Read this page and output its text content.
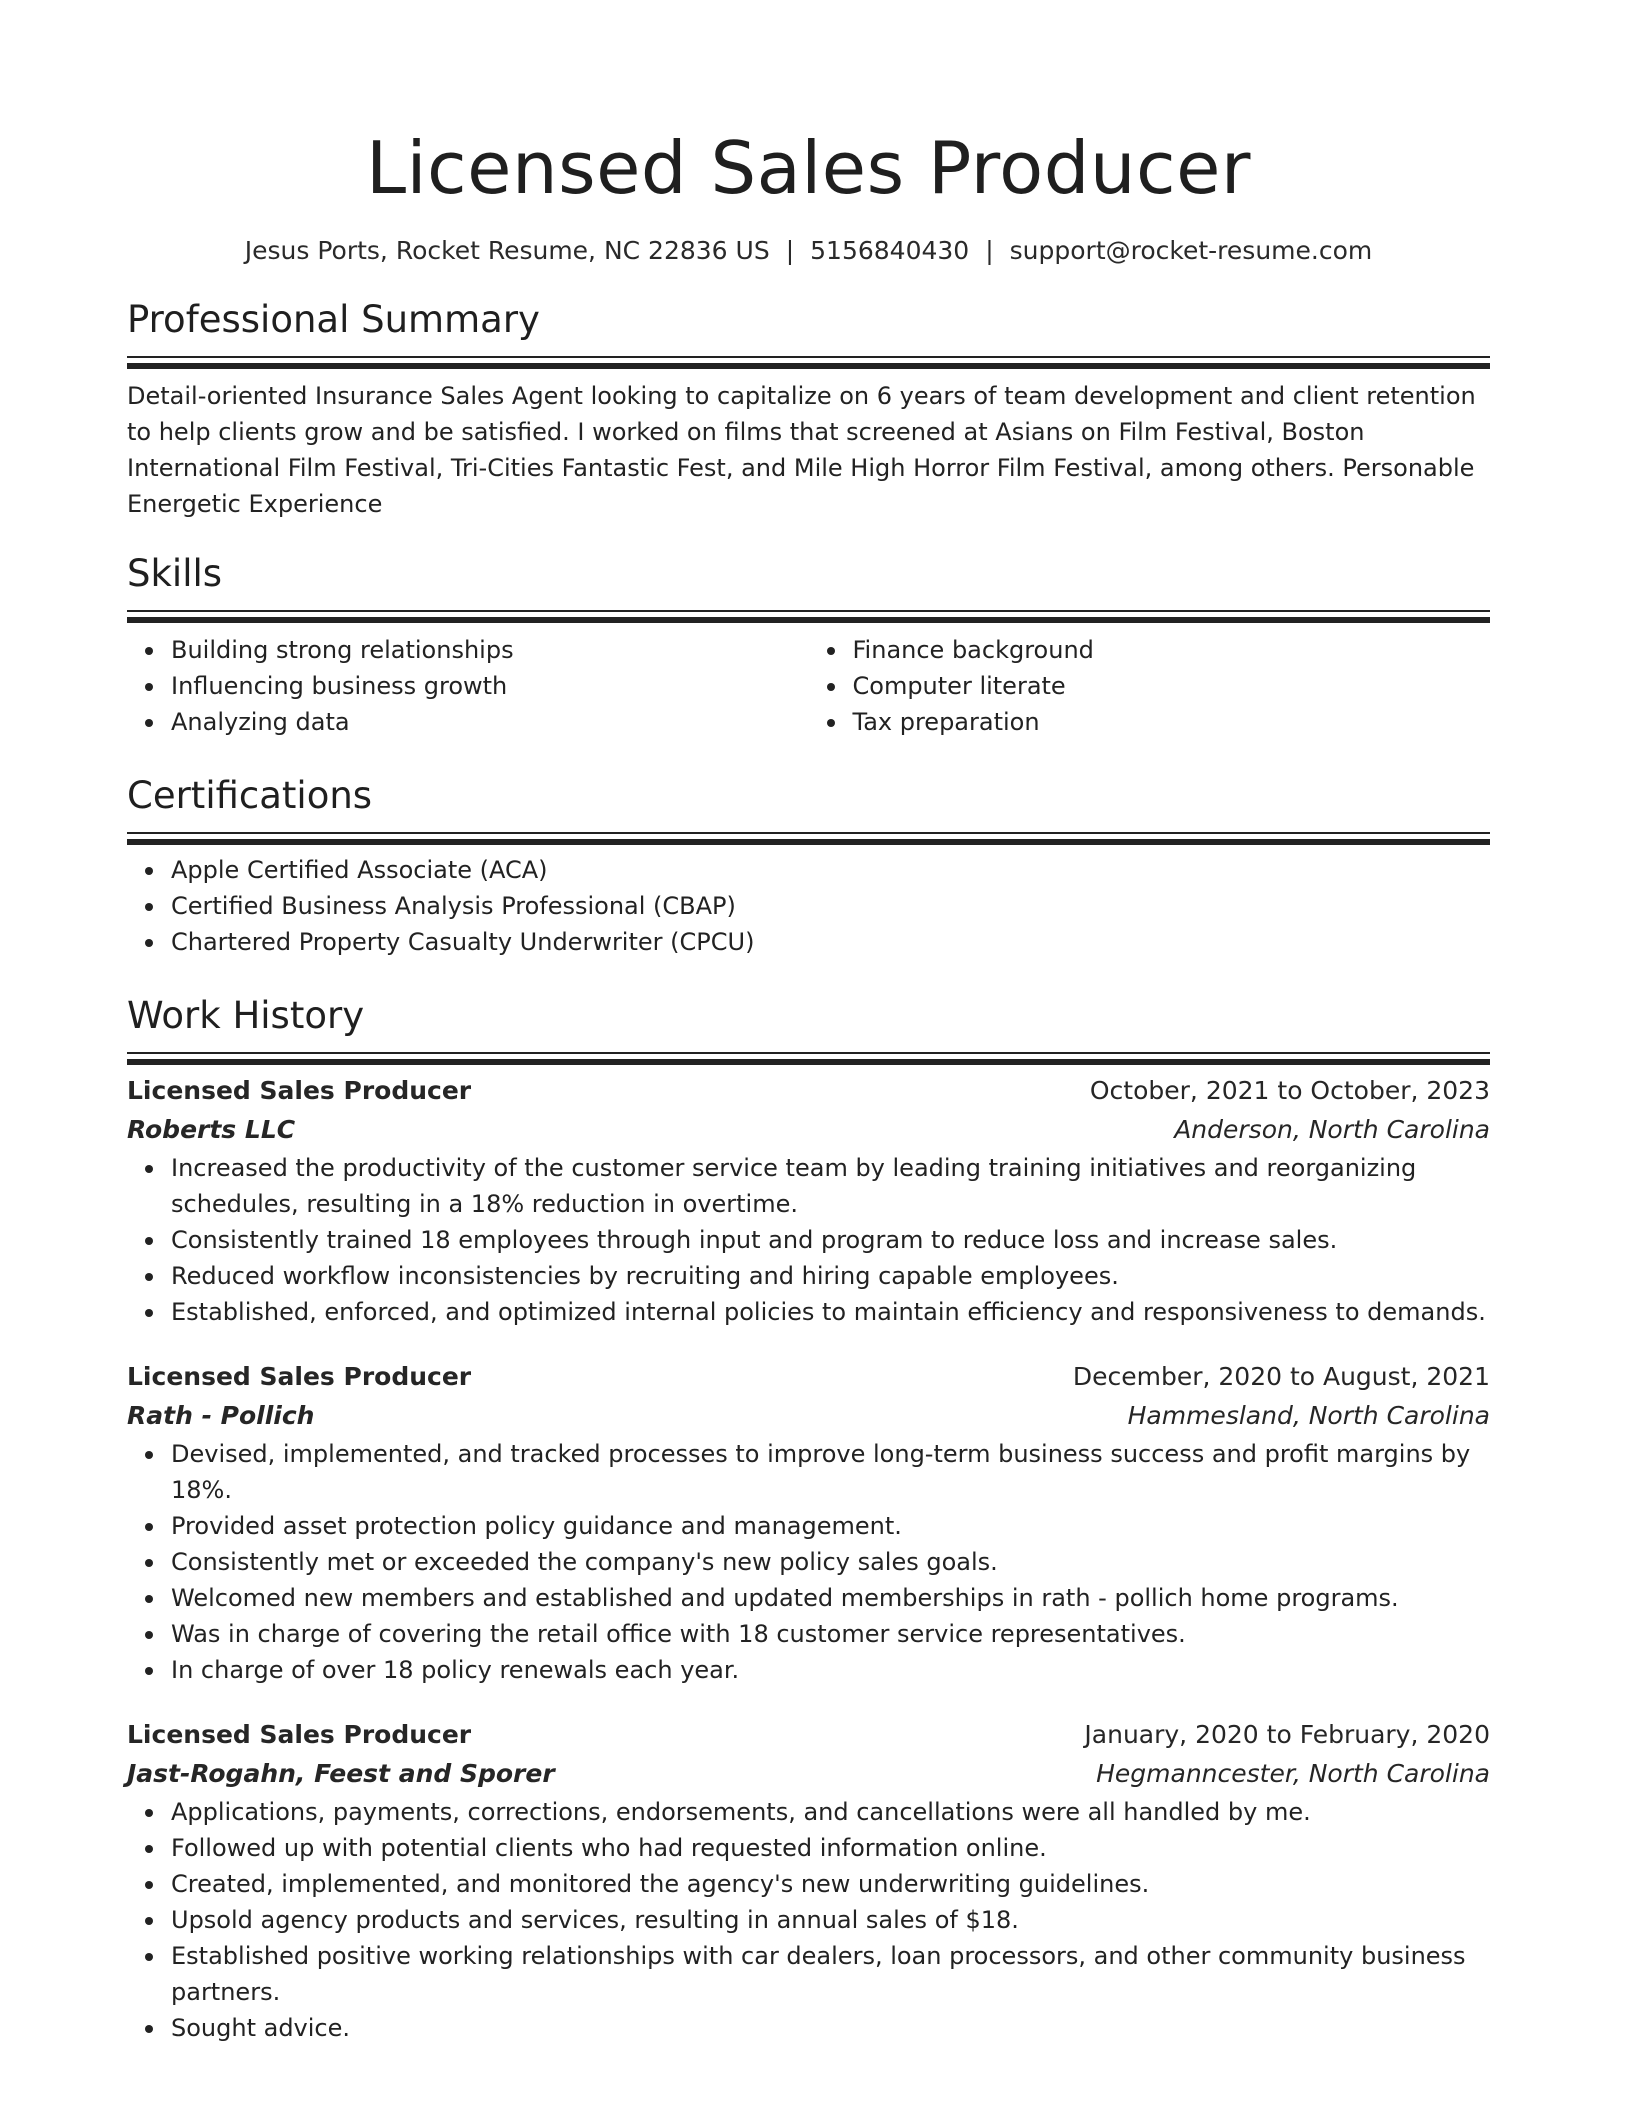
Licensed Sales Producer
Jesus Ports, Rocket Resume, NC 22836 US | 5156840430 | support@rocket-resume.com
Professional Summary

Detail-oriented Insurance Sales Agent looking to capitalize on 6 years of team development and client retention to help clients grow and be satisfied. I worked on films that screened at Asians on Film Festival, Boston International Film Festival, Tri-Cities Fantastic Fest, and Mile High Horror Film Festival, among others. Personable Energetic Experience

Skills
Building strong relationships
Influencing business growth
Analyzing data
Finance background
Computer literate
Tax preparation
Certifications
Apple Certified Associate (ACA)
Certified Business Analysis Professional (CBAP)
Chartered Property Casualty Underwriter (CPCU)
Work History
Licensed Sales Producer	October, 2021 to October, 2023
Roberts LLC	Anderson, North Carolina
Increased the productivity of the customer service team by leading training initiatives and reorganizing schedules, resulting in a 18% reduction in overtime.
Consistently trained 18 employees through input and program to reduce loss and increase sales.
Reduced workflow inconsistencies by recruiting and hiring capable employees.
Established, enforced, and optimized internal policies to maintain efficiency and responsiveness to demands.
Licensed Sales Producer	December, 2020 to August, 2021
Rath - Pollich	Hammesland, North Carolina
Devised, implemented, and tracked processes to improve long-term business success and profit margins by 18%.
Provided asset protection policy guidance and management.
Consistently met or exceeded the company's new policy sales goals.
Welcomed new members and established and updated memberships in rath - pollich home programs.
Was in charge of covering the retail office with 18 customer service representatives.
In charge of over 18 policy renewals each year.
Licensed Sales Producer	January, 2020 to February, 2020
Jast-Rogahn, Feest and Sporer	Hegmanncester, North Carolina
Applications, payments, corrections, endorsements, and cancellations were all handled by me.
Followed up with potential clients who had requested information online.
Created, implemented, and monitored the agency's new underwriting guidelines.
Upsold agency products and services, resulting in annual sales of $18.
Established positive working relationships with car dealers, loan processors, and other community business partners.
Sought advice.
